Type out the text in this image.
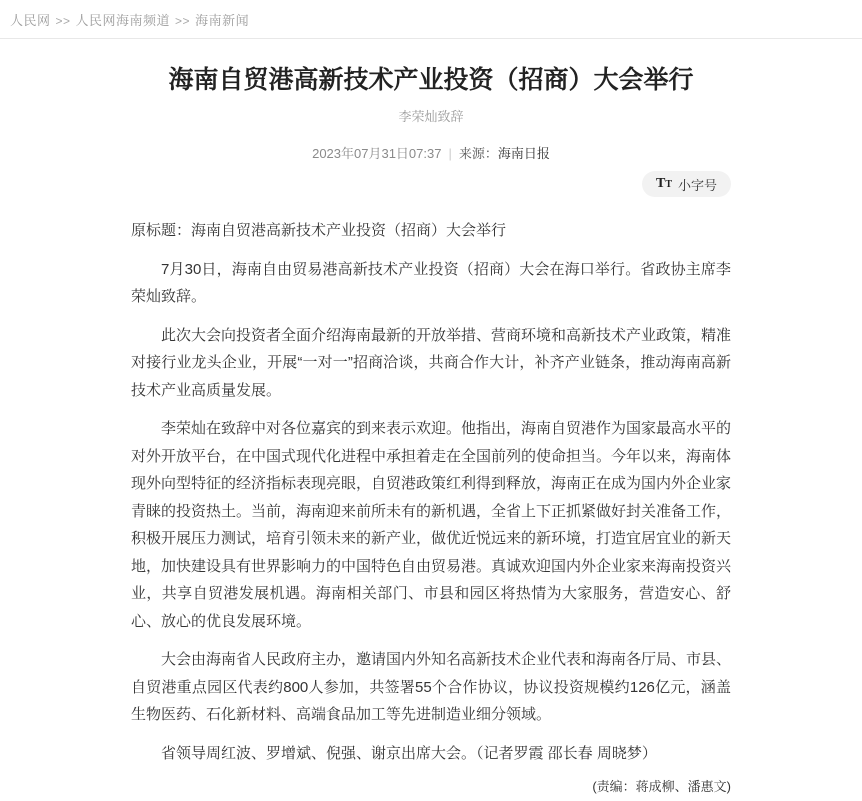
人民网 >> 人民网海南频道 >> 海南新闻
海南自贸港高新技术产业投资（招商）大会举行
李荣灿致辞
2023年07月31日07:37 | 来源：海南日报
T T 小字号
原标题：海南自贸港高新技术产业投资（招商）大会举行

7月30日，海南自由贸易港高新技术产业投资（招商）大会在海口举行。省政协主席李荣灿致辞。

此次大会向投资者全面介绍海南最新的开放举措、营商环境和高新技术产业政策，精准对接行业龙头企业，开展“一对一”招商洽谈，共商合作大计，补齐产业链条，推动海南高新技术产业高质量发展。

李荣灿在致辞中对各位嘉宾的到来表示欢迎。他指出，海南自贸港作为国家最高水平的对外开放平台，在中国式现代化进程中承担着走在全国前列的使命担当。今年以来，海南体现外向型特征的经济指标表现亮眼，自贸港政策红利得到释放，海南正在成为国内外企业家青睐的投资热土。当前，海南迎来前所未有的新机遇，全省上下正抓紧做好封关准备工作，积极开展压力测试，培育引领未来的新产业，做优近悦远来的新环境，打造宜居宜业的新天地，加快建设具有世界影响力的中国特色自由贸易港。真诚欢迎国内外企业家来海南投资兴业，共享自贸港发展机遇。海南相关部门、市县和园区将热情为大家服务，营造安心、舒心、放心的优良发展环境。

大会由海南省人民政府主办，邀请国内外知名高新技术企业代表和海南各厅局、市县、自贸港重点园区代表约800人参加，共签署55个合作协议，协议投资规模约126亿元，涵盖生物医药、石化新材料、高端食品加工等先进制造业细分领域。

省领导周红波、罗增斌、倪强、谢京出席大会。（记者罗霞 邵长春 周晓梦）

(责编：蒋成柳、潘惠文)
